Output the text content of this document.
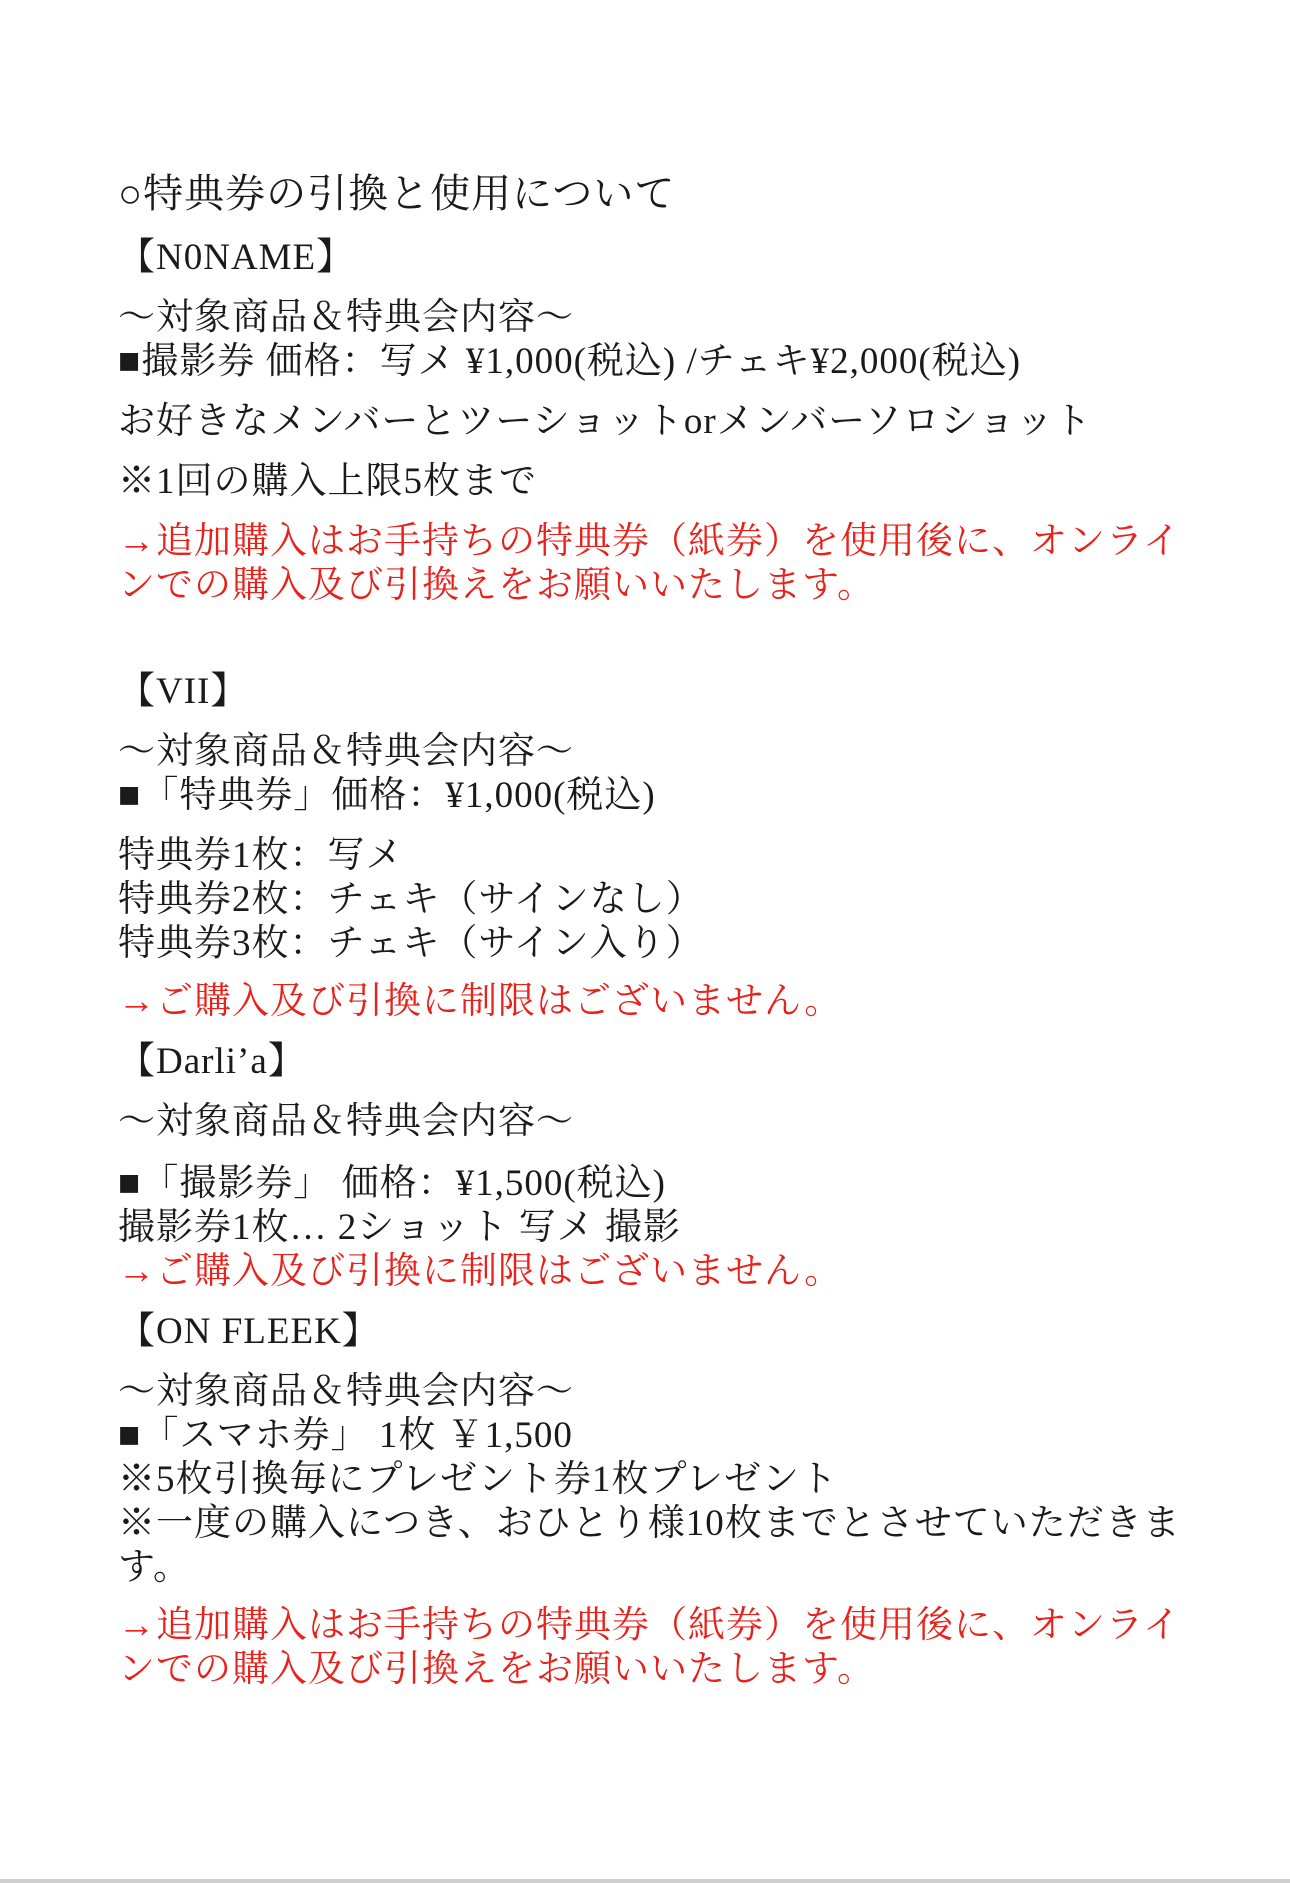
○特典券の引換と使用について

【N0NAME】

〜対象商品＆特典会内容〜

■撮影券 価格：写メ ¥1,000(税込) /チェキ¥2,000(税込)

お好きなメンバーとツーショットorメンバーソロショット

※1回の購入上限5枚まで

→追加購入はお手持ちの特典券（紙券）を使用後に、オンライ

ンでの購入及び引換えをお願いいたします。

【VII】

〜対象商品＆特典会内容〜

■「特典券」価格：¥1,000(税込)

特典券1枚：写メ

特典券2枚：チェキ（サインなし）

特典券3枚：チェキ（サイン入り）

→ご購入及び引換に制限はございません。

【Darli’a】

〜対象商品＆特典会内容〜

■「撮影券」 価格：¥1,500(税込)

撮影券1枚… 2ショット 写メ 撮影

→ご購入及び引換に制限はございません。

【ON FLEEK】

〜対象商品＆特典会内容〜

■「スマホ券」 1枚 ￥1,500

※5枚引換毎にプレゼント券1枚プレゼント

※一度の購入につき、おひとり様10枚までとさせていただきま

す。

→追加購入はお手持ちの特典券（紙券）を使用後に、オンライ

ンでの購入及び引換えをお願いいたします。
